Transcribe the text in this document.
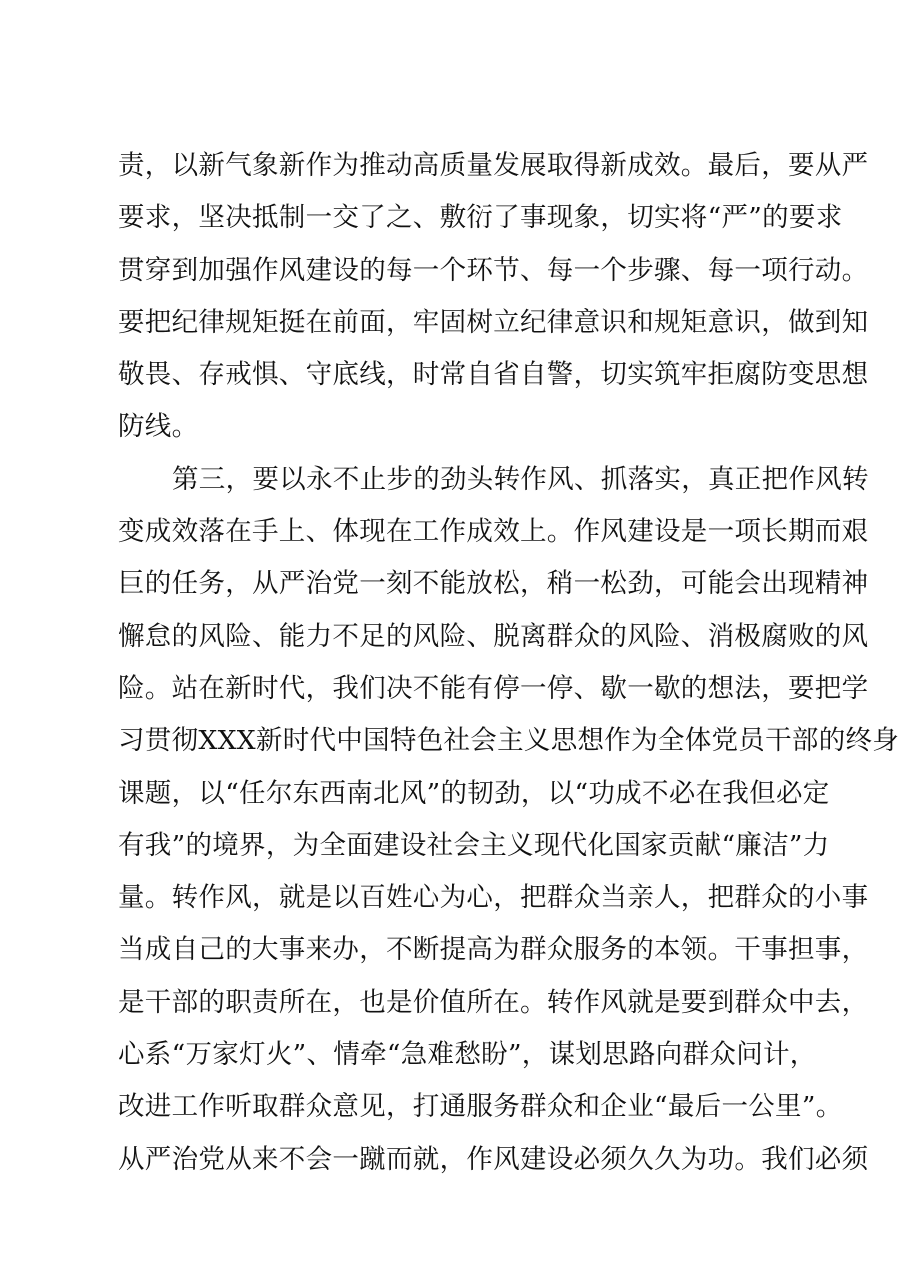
责，以新气象新作为推动高质量发展取得新成效。最后，要从严
要求，坚决抵制一交了之、敷衍了事现象，切实将“严”的要求
贯穿到加强作风建设的每一个环节、每一个步骤、每一项行动。
要把纪律规矩挺在前面，牢固树立纪律意识和规矩意识，做到知
敬畏、存戒惧、守底线，时常自省自警，切实筑牢拒腐防变思想
防线。
第三，要以永不止步的劲头转作风、抓落实，真正把作风转
变成效落在手上、体现在工作成效上。作风建设是一项长期而艰
巨的任务，从严治党一刻不能放松，稍一松劲，可能会出现精神
懈怠的风险、能力不足的风险、脱离群众的风险、消极腐败的风
险。站在新时代，我们决不能有停一停、歇一歇的想法，要把学
习贯彻XXX新时代中国特色社会主义思想作为全体党员干部的终身
课题，以“任尔东西南北风”的韧劲，以“功成不必在我但必定
有我”的境界，为全面建设社会主义现代化国家贡献“廉洁”力
量。转作风，就是以百姓心为心，把群众当亲人，把群众的小事
当成自己的大事来办，不断提高为群众服务的本领。干事担事，
是干部的职责所在，也是价值所在。转作风就是要到群众中去，
心系“万家灯火”、情牵“急难愁盼”，谋划思路向群众问计，
改进工作听取群众意见，打通服务群众和企业“最后一公里”。
从严治党从来不会一蹴而就，作风建设必须久久为功。我们必须
